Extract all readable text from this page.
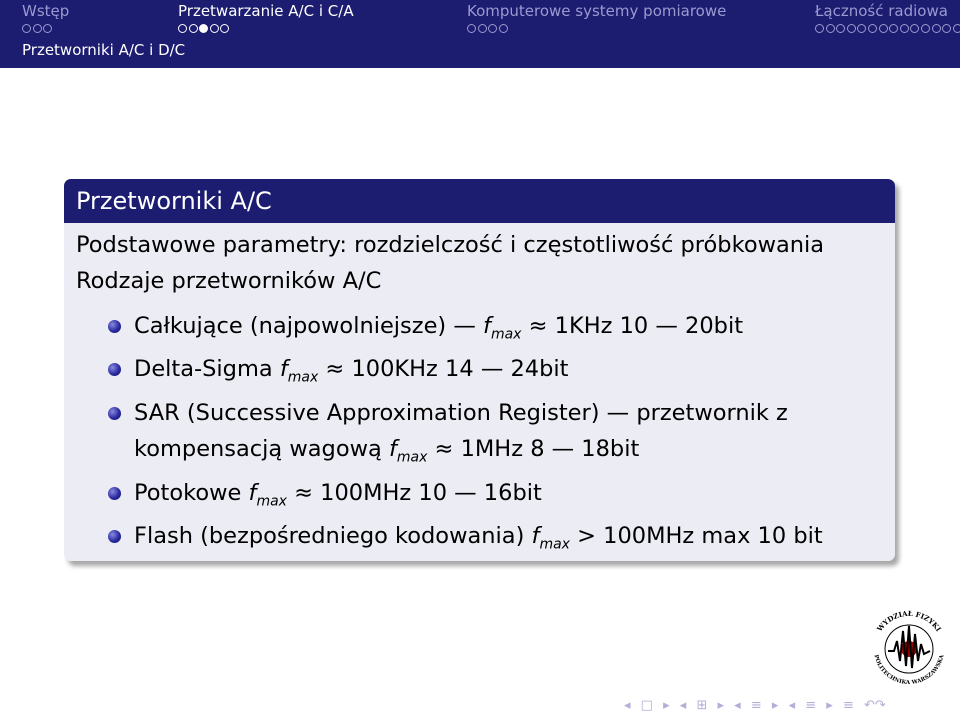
Wstęp	Przetwarzanie A/C i C/A	Komputerowe systemy pomiarowe	Łączność radiowa
Przetworniki A/C i D/C
Przetworniki A/C
Podstawowe parametry: rozdzielczość i częstotliwość próbkowania
Rodzaje przetworników A/C
Całkujące (najpowolniejsze) — $f_{max} \approx 1KHz$ 10 — 20bit
Delta-Sigma $f_{max} \approx 100KHz$ 14 — 24bit
SAR (Successive Approximation Register) — przetwornik z
kompensacją wagową $f_{max} \approx 1MHz$ 8 — 18bit
Potokowe $f_{max} \approx 100MHz$ 10 — 16bit
Flash (bezpośredniego kodowania) $f_{max} > 100MHz$ max 10 bit
WYDZIAŁ FIZYKI
POLITECHNIKA WARSZAWSKA
◂ □ ▸ ◂ ⊞ ▸ ◂ ≡ ▸ ◂ ≡ ▸ ≡ ↶↷
